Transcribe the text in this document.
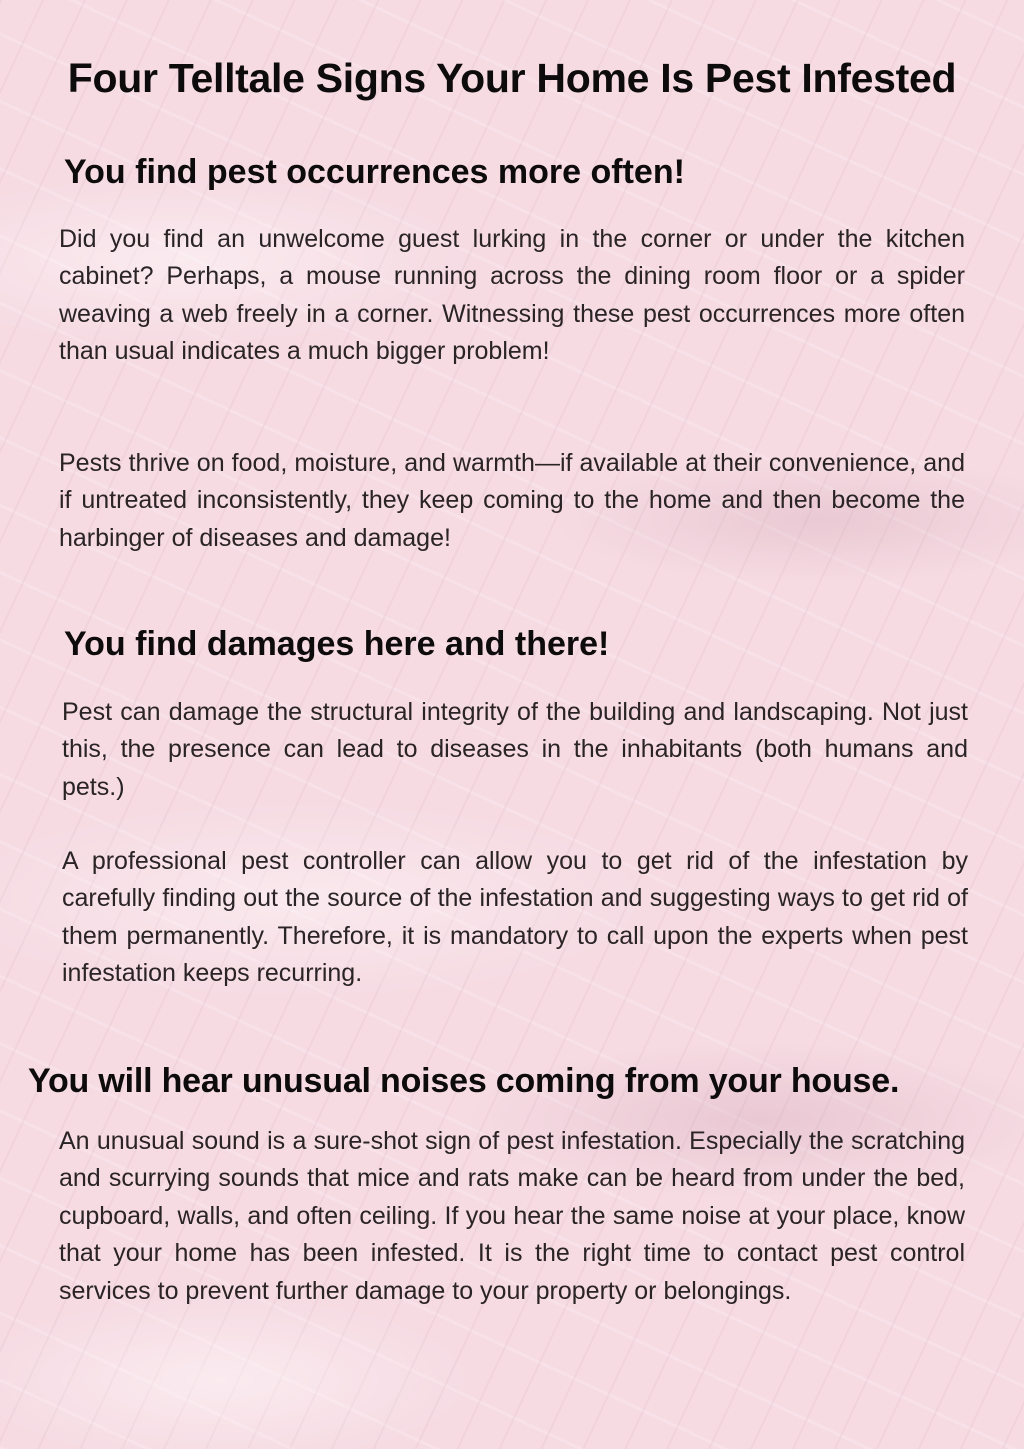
Four Telltale Signs Your Home Is Pest Infested
You find pest occurrences more often!

Did you find an unwelcome guest lurking in the corner or under the kitchen cabinet? Perhaps, a mouse running across the dining room floor or a spider weaving a web freely in a corner. Witnessing these pest occurrences more often than usual indicates a much bigger problem!

Pests thrive on food, moisture, and warmth—if available at their convenience, and if untreated inconsistently, they keep coming to the home and then become the harbinger of diseases and damage!

You find damages here and there!

Pest can damage the structural integrity of the building and landscaping. Not just this, the presence can lead to diseases in the inhabitants (both humans and pets.)

A professional pest controller can allow you to get rid of the infestation by carefully finding out the source of the infestation and suggesting ways to get rid of them permanently. Therefore, it is mandatory to call upon the experts when pest infestation keeps recurring.

You will hear unusual noises coming from your house.

An unusual sound is a sure-shot sign of pest infestation. Especially the scratching and scurrying sounds that mice and rats make can be heard from under the bed, cupboard, walls, and often ceiling. If you hear the same noise at your place, know that your home has been infested. It is the right time to contact pest control services to prevent further damage to your property or belongings.
